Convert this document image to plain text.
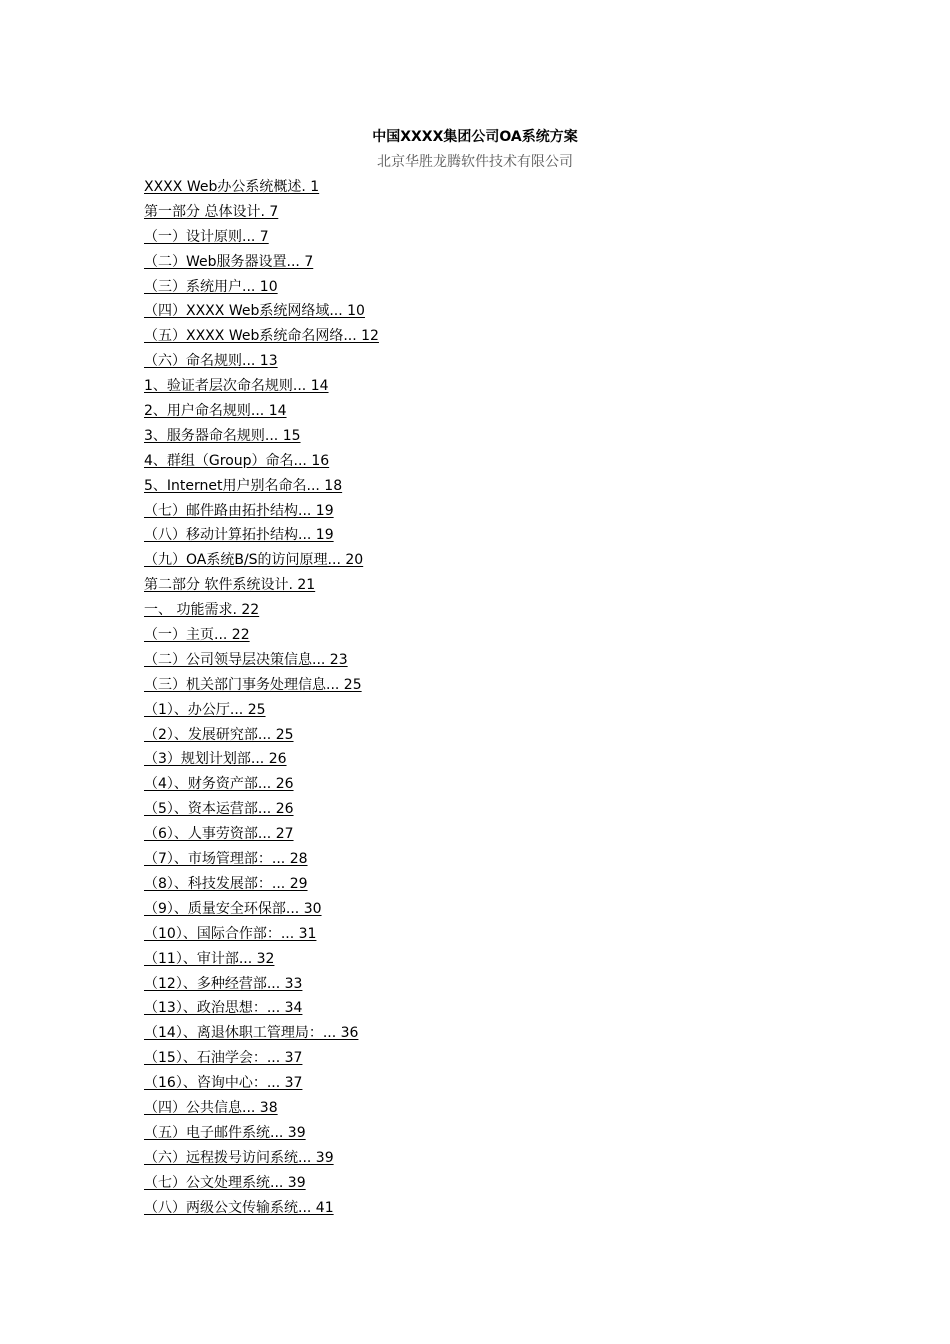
中国XXXX集团公司OA系统方案
北京华胜龙腾软件技术有限公司
XXXX Web办公系统概述. 1
第一部分 总体设计. 7
（一）设计原则... 7
（二）Web服务器设置... 7
（三）系统用户... 10
（四）XXXX Web系统网络域... 10
（五）XXXX Web系统命名网络... 12
（六）命名规则... 13
1、验证者层次命名规则... 14
2、用户命名规则... 14
3、服务器命名规则... 15
4、群组（Group）命名... 16
5、Internet用户别名命名... 18
（七）邮件路由拓扑结构... 19
（八）移动计算拓扑结构... 19
（九）OA系统B/S的访问原理... 20
第二部分 软件系统设计. 21
一、 功能需求. 22
（一）主页... 22
（二）公司领导层决策信息... 23
（三）机关部门事务处理信息... 25
（1）、办公厅... 25
（2）、发展研究部... 25
（3）规划计划部... 26
（4）、财务资产部... 26
（5）、资本运营部... 26
（6）、人事劳资部... 27
（7）、市场管理部：... 28
（8）、科技发展部：... 29
（9）、质量安全环保部... 30
（10）、国际合作部：... 31
（11）、审计部... 32
（12）、多种经营部... 33
（13）、政治思想：... 34
（14）、离退休职工管理局：... 36
（15）、石油学会：... 37
（16）、咨询中心：... 37
（四）公共信息... 38
（五）电子邮件系统... 39
（六）远程拨号访问系统... 39
（七）公文处理系统... 39
（八）两级公文传输系统... 41
